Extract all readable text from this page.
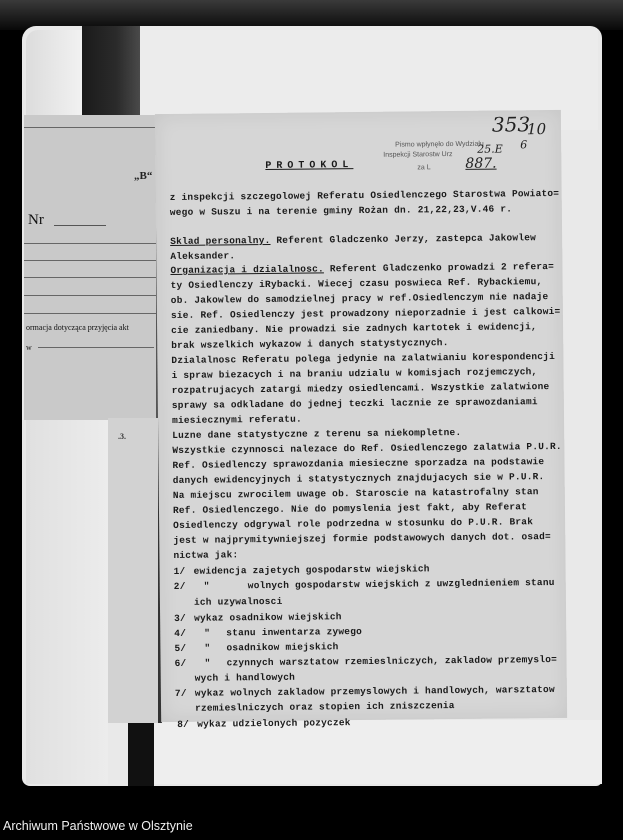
„B“
Nr
ormacja dotycząca przyjęcia akt
w
.3.
353
10
Pismo wpłynęło do Wydziału
Inspekcji Starostw Urz 25.E 6
za L 887.
PROTOKOL
z inspekcji szczegolowej Referatu Osiedlenczego Starostwa Powiato=
wego w Suszu i na terenie gminy Rożan dn. 21,22,23,V.46 r.
Sklad personalny. Referent Gladczenko Jerzy, zastepca Jakowlew
Aleksander.
Organizacja i dzialalnosc. Referent Gladczenko prowadzi 2 refera=
ty Osiedlenczy iRybacki. Wiecej czasu poswieca Ref. Rybackiemu,
ob. Jakowlew do samodzielnej pracy w ref.Osiedlenczym nie nadaje
sie. Ref. Osiedlenczy jest prowadzony nieporzadnie i jest calkowi=
cie zaniedbany. Nie prowadzi sie zadnych kartotek i ewidencji,
brak wszelkich wykazow i danych statystycznych.
Dzialalnosc Referatu polega jedynie na zalatwianiu korespondencji
i spraw biezacych i na braniu udzialu w komisjach rozjemczych,
rozpatrujacych zatargi miedzy osiedlencami. Wszystkie zalatwione
sprawy sa odkladane do jednej teczki lacznie ze sprawozdaniami
miesiecznymi referatu.
Luzne dane statystyczne z terenu sa niekompletne.
Wszystkie czynnosci nalezace do Ref. Osiedlenczego zalatwia P.U.R.
Ref. Osiedlenczy sprawozdania miesieczne sporzadza na podstawie
danych ewidencyjnych i statystycznych znajdujacych sie w P.U.R.
Na miejscu zwrocilem uwage ob. Staroscie na katastrofalny stan
Ref. Osiedlenczego. Nie do pomyslenia jest fakt, aby Referat
Osiedlenczy odgrywal role podrzedna w stosunku do P.U.R. Brak
jest w najprymitywniejszej formie podstawowych danych dot. osad=
nictwa jak:
1/ ewidencja zajetych gospodarstw wiejskich
2/ "	wolnych gospodarstw wiejskich z uwzglednieniem stanu
ich uzywalnosci
3/ wykaz osadnikow wiejskich
4/ " stanu inwentarza zywego
5/ " osadnikow miejskich
6/ " czynnych warsztatow rzemieslniczych, zakladow przemyslo=
wych i handlowych
7/ wykaz wolnych zakladow przemyslowych i handlowych, warsztatow
rzemieslniczych oraz stopien ich zniszczenia
8/ wykaz udzielonych pozyczek
Archiwum Państwowe w Olsztynie
